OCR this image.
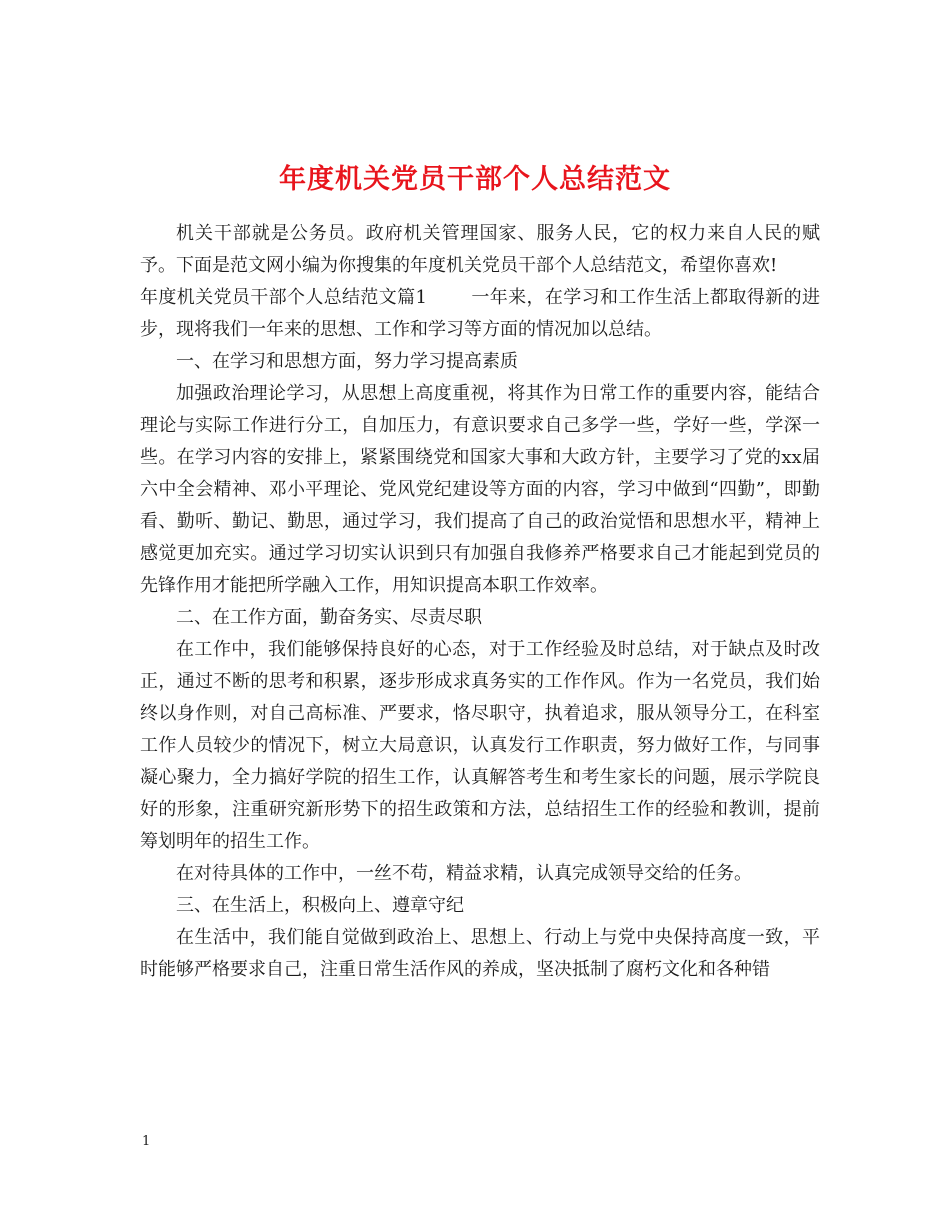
年度机关党员干部个人总结范文

机关干部就是公务员。政府机关管理国家、服务人民，它的权力来自人民的赋予。下面是范文网小编为你搜集的年度机关党员干部个人总结范文，希望你喜欢!

年度机关党员干部个人总结范文篇1 一年来，在学习和工作生活上都取得新的进步，现将我们一年来的思想、工作和学习等方面的情况加以总结。

一、在学习和思想方面，努力学习提高素质

加强政治理论学习，从思想上高度重视，将其作为日常工作的重要内容，能结合理论与实际工作进行分工，自加压力，有意识要求自己多学一些，学好一些，学深一些。在学习内容的安排上，紧紧围绕党和国家大事和大政方针，主要学习了党的xx届六中全会精神、邓小平理论、党风党纪建设等方面的内容，学习中做到“四勤”，即勤看、勤听、勤记、勤思，通过学习，我们提高了自己的政治觉悟和思想水平，精神上感觉更加充实。通过学习切实认识到只有加强自我修养严格要求自己才能起到党员的先锋作用才能把所学融入工作，用知识提高本职工作效率。

二、在工作方面，勤奋务实、尽责尽职

在工作中，我们能够保持良好的心态，对于工作经验及时总结，对于缺点及时改正，通过不断的思考和积累，逐步形成求真务实的工作作风。作为一名党员，我们始终以身作则，对自己高标准、严要求，恪尽职守，执着追求，服从领导分工，在科室工作人员较少的情况下，树立大局意识，认真发行工作职责，努力做好工作，与同事凝心聚力，全力搞好学院的招生工作，认真解答考生和考生家长的问题，展示学院良好的形象，注重研究新形势下的招生政策和方法，总结招生工作的经验和教训，提前筹划明年的招生工作。

在对待具体的工作中，一丝不苟，精益求精，认真完成领导交给的任务。

三、在生活上，积极向上、遵章守纪

在生活中，我们能自觉做到政治上、思想上、行动上与党中央保持高度一致，平时能够严格要求自己，注重日常生活作风的养成，坚决抵制了腐朽文化和各种错

1
